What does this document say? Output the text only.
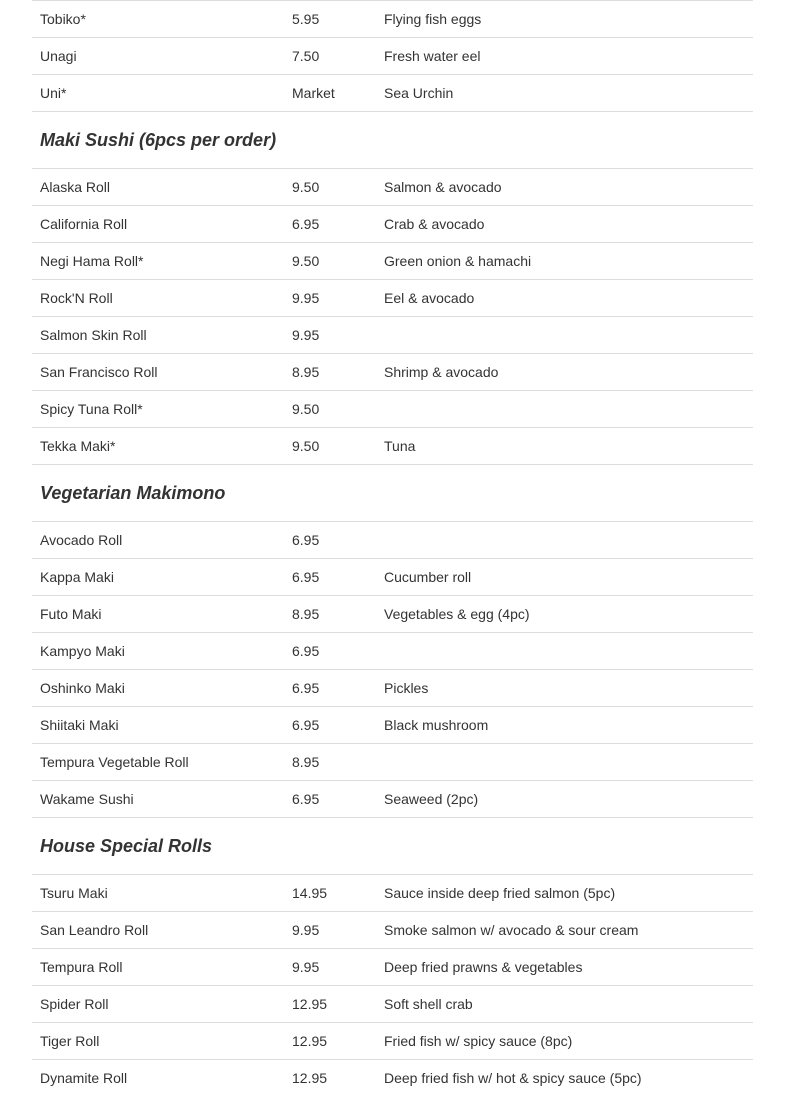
Tobiko*	5.95	Flying fish eggs
Unagi	7.50	Fresh water eel
Uni*	Market	Sea Urchin
Maki Sushi (6pcs per order)
Alaska Roll	9.50	Salmon & avocado
California Roll	6.95	Crab & avocado
Negi Hama Roll*	9.50	Green onion & hamachi
Rock'N Roll	9.95	Eel & avocado
Salmon Skin Roll	9.95
San Francisco Roll	8.95	Shrimp & avocado
Spicy Tuna Roll*	9.50
Tekka Maki*	9.50	Tuna
Vegetarian Makimono
Avocado Roll	6.95
Kappa Maki	6.95	Cucumber roll
Futo Maki	8.95	Vegetables & egg (4pc)
Kampyo Maki	6.95
Oshinko Maki	6.95	Pickles
Shiitaki Maki	6.95	Black mushroom
Tempura Vegetable Roll	8.95
Wakame Sushi	6.95	Seaweed (2pc)
House Special Rolls
Tsuru Maki	14.95	Sauce inside deep fried salmon (5pc)
San Leandro Roll	9.95	Smoke salmon w/ avocado & sour cream
Tempura Roll	9.95	Deep fried prawns & vegetables
Spider Roll	12.95	Soft shell crab
Tiger Roll	12.95	Fried fish w/ spicy sauce (8pc)
Dynamite Roll	12.95	Deep fried fish w/ hot & spicy sauce (5pc)
